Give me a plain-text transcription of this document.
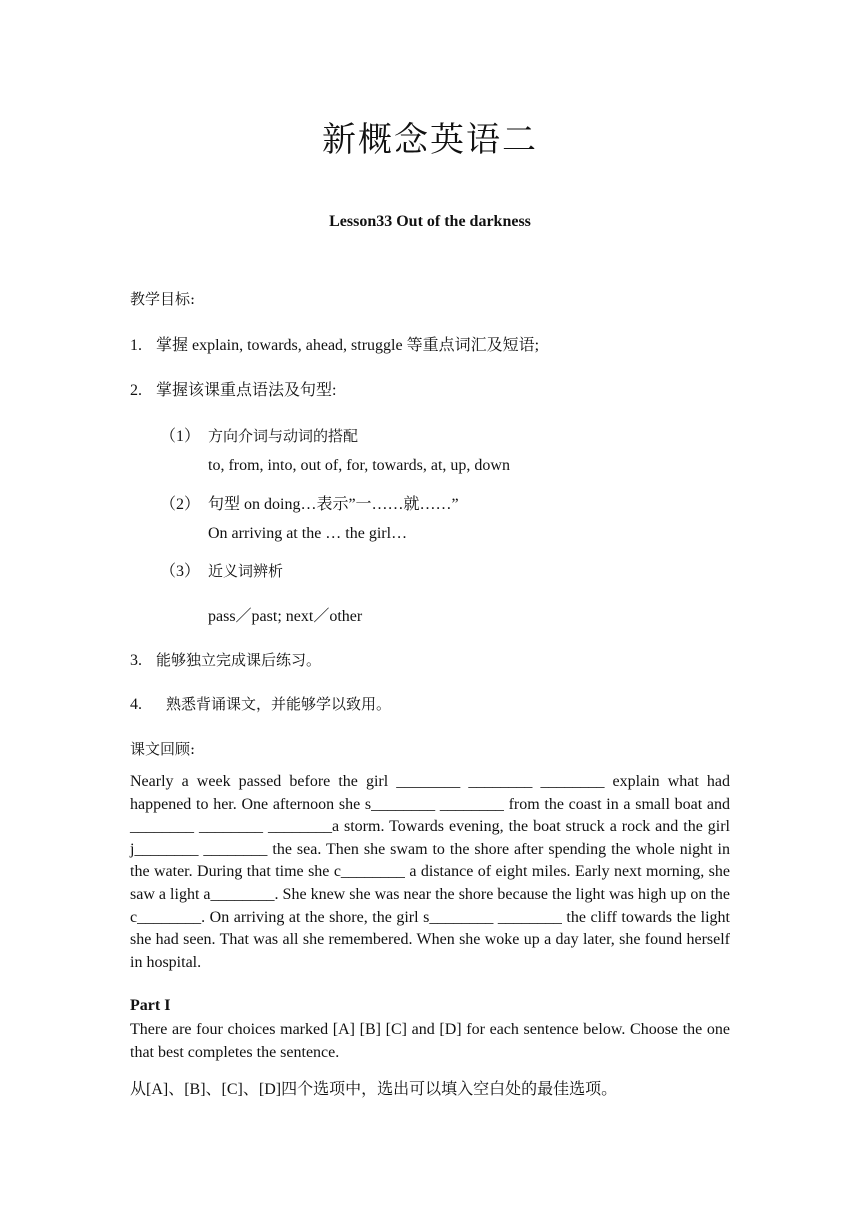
新概念英语二
Lesson33 Out of the darkness
教学目标:
1. 掌握 explain, towards, ahead, struggle 等重点词汇及短语;
2. 掌握该课重点语法及句型:
（1） 方向介词与动词的搭配
to, from, into, out of, for, towards, at, up, down
（2） 句型 on doing…表示”一……就……”
On arriving at the … the girl…
（3） 近义词辨析
pass／past; next／other
3. 能够独立完成课后练习。
4. 熟悉背诵课文，并能够学以致用。
课文回顾:
Nearly a week passed before the girl ________ ________ ________ explain what had happened to her. One afternoon she s________ ________ from the coast in a small boat and ________ ________ ________a storm. Towards evening, the boat struck a rock and the girl j________ ________ the sea. Then she swam to the shore after spending the whole night in the water. During that time she c________ a distance of eight miles. Early next morning, she saw a light a________. She knew she was near the shore because the light was high up on the c________. On arriving at the shore, the girl s________ ________ the cliff towards the light she had seen. That was all she remembered. When she woke up a day later, she found herself in hospital.
Part I
There are four choices marked [A] [B] [C] and [D] for each sentence below. Choose the one that best completes the sentence.
从[A]、[B]、[C]、[D]四个选项中，选出可以填入空白处的最佳选项。
